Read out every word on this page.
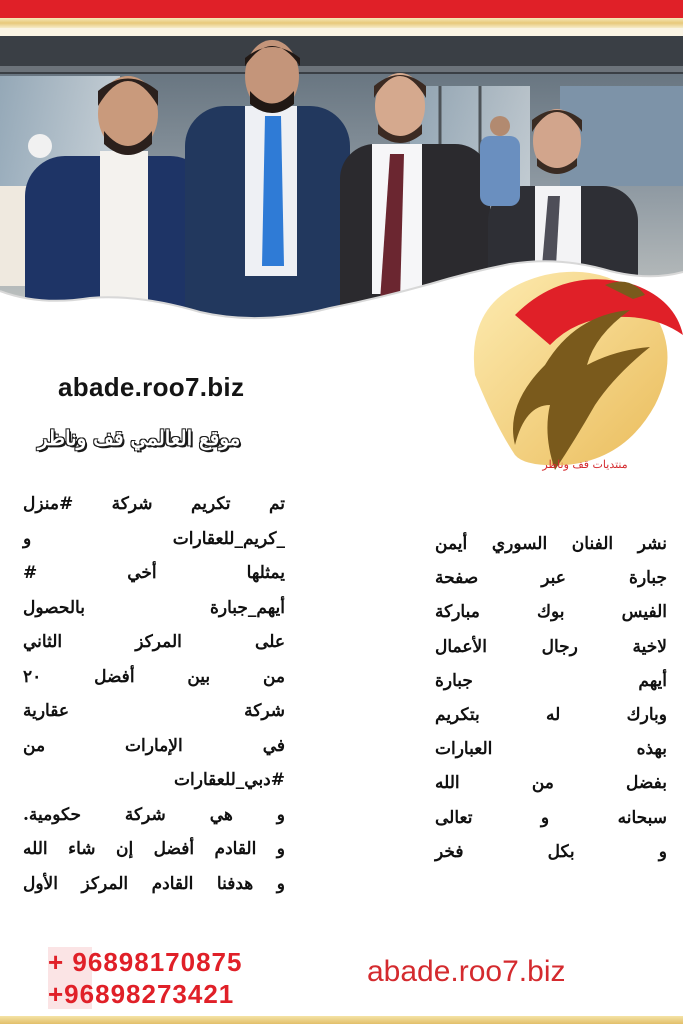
منتديات قف وناظر
abade.roo7.biz
موقع العالمي قف وناظر
تم تكريم شركة #منزل
_كريم_للعقارات و
يمثلها أخي #
أيهم_جبارة بالحصول
على المركز الثاني
من بين أفضل ٢٠
شركة عقارية
في الإمارات من
#دبي_للعقارات
و هي شركة حكومية.
و القادم أفضل إن شاء الله
و هدفنا القادم المركز الأول
نشر الفنان السوري أيمن
جبارة عبر صفحة
الفيس بوك مباركة
لاخية رجال الأعمال
أيهم جبارة
وبارك له بتكريم
بهذه العبارات
بفضل من الله
سبحانه و تعالى
و بكل فخر
+ 96898170875
+96898273421
abade.roo7.biz
